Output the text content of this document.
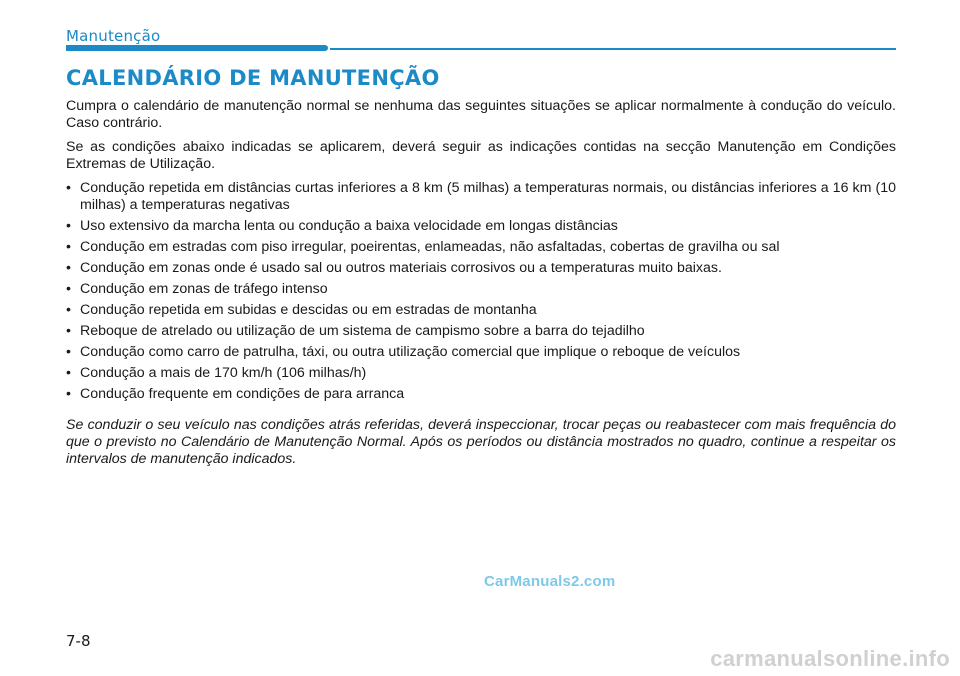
Manutenção
CALENDÁRIO DE MANUTENÇÃO

Cumpra o calendário de manutenção normal se nenhuma das seguintes situações se aplicar normalmente à condução do veículo. Caso contrário.

Se as condições abaixo indicadas se aplicarem, deverá seguir as indicações contidas na secção Manutenção em Condições Extremas de Utilização.

• Condução repetida em distâncias curtas inferiores a 8 km (5 milhas) a temperaturas normais, ou distâncias inferiores a 16 km (10 milhas) a temperaturas negativas
• Uso extensivo da marcha lenta ou condução a baixa velocidade em longas distâncias
• Condução em estradas com piso irregular, poeirentas, enlameadas, não asfaltadas, cobertas de gravilha ou sal
• Condução em zonas onde é usado sal ou outros materiais corrosivos ou a temperaturas muito baixas.
• Condução em zonas de tráfego intenso
• Condução repetida em subidas e descidas ou em estradas de montanha
• Reboque de atrelado ou utilização de um sistema de campismo sobre a barra do tejadilho
• Condução como carro de patrulha, táxi, ou outra utilização comercial que implique o reboque de veículos
• Condução a mais de 170 km/h (106 milhas/h)
• Condução frequente em condições de para arranca

Se conduzir o seu veículo nas condições atrás referidas, deverá inspeccionar, trocar peças ou reabastecer com mais frequência do que o previsto no Calendário de Manutenção Normal. Após os períodos ou distância mostrados no quadro, continue a respeitar os intervalos de manutenção indicados.

CarManuals2.com
7-8
carmanualsonline.info
